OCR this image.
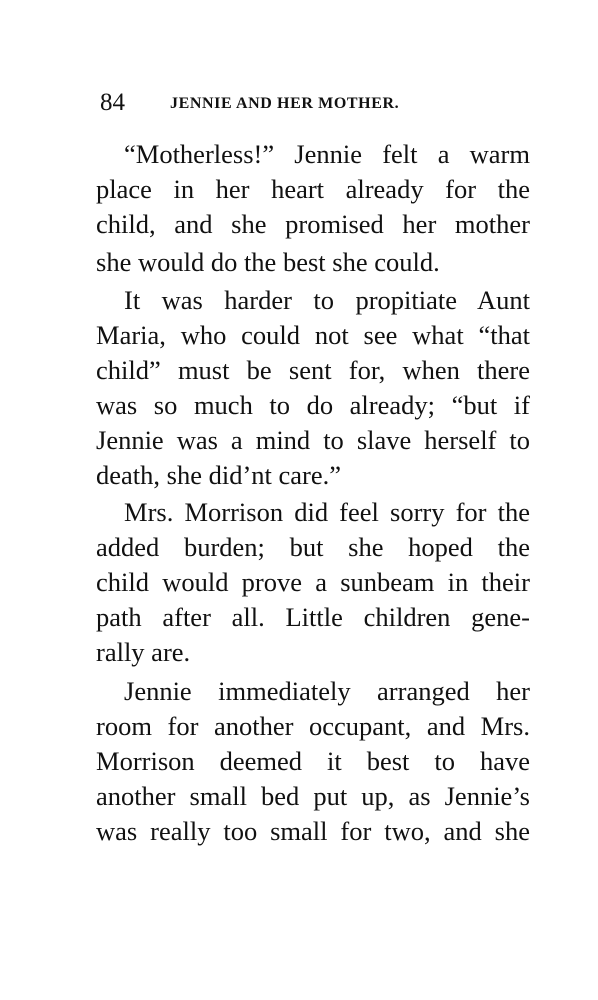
84	JENNIE AND HER MOTHER.
“Motherless!” Jennie felt a warm
place in her heart already for the
child, and she promised her mother
she would do the best she could.
It was harder to propitiate Aunt
Maria, who could not see what “that
child” must be sent for, when there
was so much to do already; “but if
Jennie was a mind to slave herself to
death, she did’nt care.”
Mrs. Morrison did feel sorry for the
added burden; but she hoped the
child would prove a sunbeam in their
path after all. Little children gene-
rally are.
Jennie immediately arranged her
room for another occupant, and Mrs.
Morrison deemed it best to have
another small bed put up, as Jennie’s
was really too small for two, and she
